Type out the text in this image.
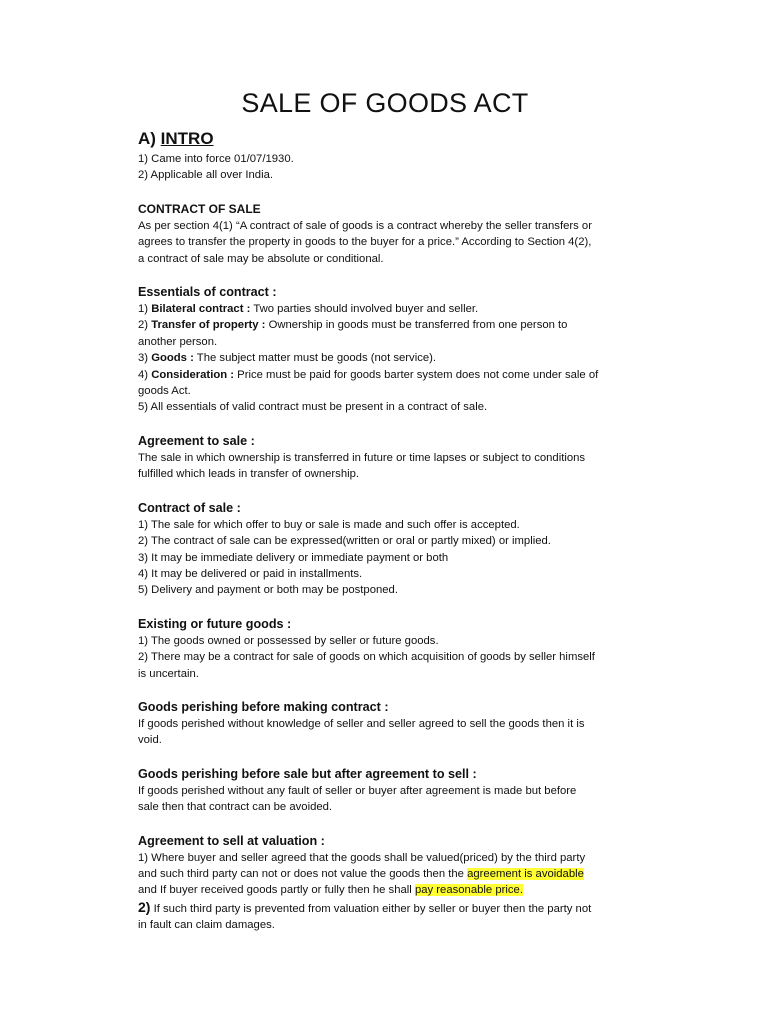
SALE OF GOODS ACT
A) INTRO

1) Came into force 01/07/1930.

2) Applicable all over India.

CONTRACT OF SALE

As per section 4(1) “A contract of sale of goods is a contract whereby the seller transfers or

agrees to transfer the property in goods to the buyer for a price.” According to Section 4(2),

a contract of sale may be absolute or conditional.

Essentials of contract :

1) Bilateral contract : Two parties should involved buyer and seller.

2) Transfer of property : Ownership in goods must be transferred from one person to

another person.

3) Goods : The subject matter must be goods (not service).

4) Consideration : Price must be paid for goods barter system does not come under sale of

goods Act.

5) All essentials of valid contract must be present in a contract of sale.

Agreement to sale :

The sale in which ownership is transferred in future or time lapses or subject to conditions

fulfilled which leads in transfer of ownership.

Contract of sale :

1) The sale for which offer to buy or sale is made and such offer is accepted.

2) The contract of sale can be expressed(written or oral or partly mixed) or implied.

3) It may be immediate delivery or immediate payment or both

4) It may be delivered or paid in installments.

5) Delivery and payment or both may be postponed.

Existing or future goods :

1) The goods owned or possessed by seller or future goods.

2) There may be a contract for sale of goods on which acquisition of goods by seller himself

is uncertain.

Goods perishing before making contract :

If goods perished without knowledge of seller and seller agreed to sell the goods then it is

void.

Goods perishing before sale but after agreement to sell :

If goods perished without any fault of seller or buyer after agreement is made but before

sale then that contract can be avoided.

Agreement to sell at valuation :

1) Where buyer and seller agreed that the goods shall be valued(priced) by the third party

and such third party can not or does not value the goods then the agreement is avoidable

and If buyer received goods partly or fully then he shall pay reasonable price.

2) If such third party is prevented from valuation either by seller or buyer then the party not

in fault can claim damages.
